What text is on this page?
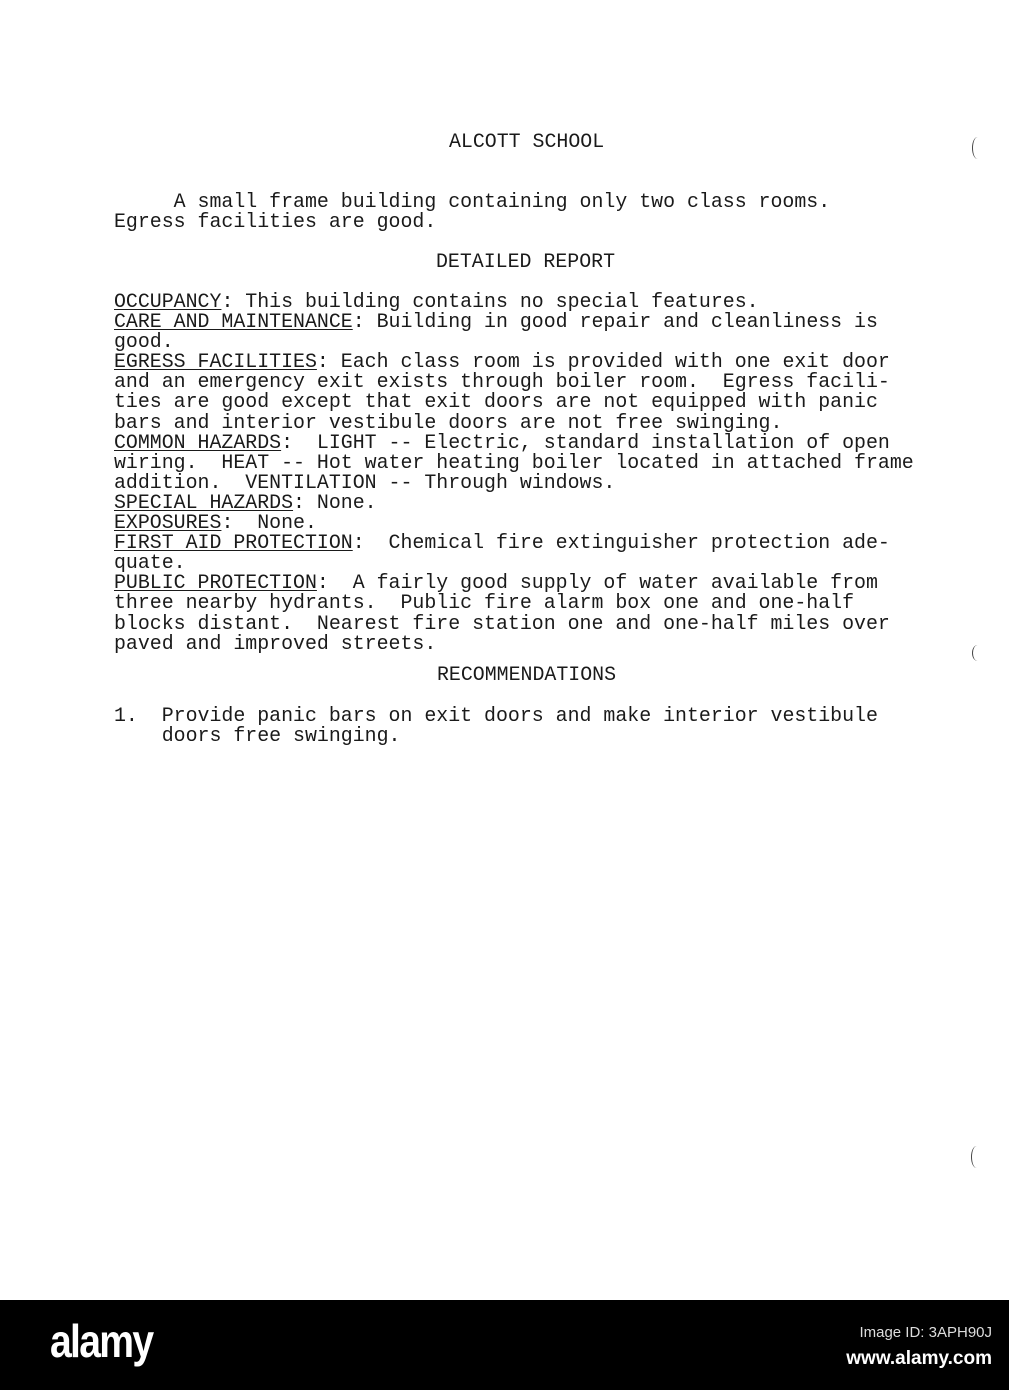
ALCOTT SCHOOL
A small frame building containing only two class rooms.
Egress facilities are good.
DETAILED REPORT
OCCUPANCY: This building contains no special features.
CARE AND MAINTENANCE: Building in good repair and cleanliness is
good.
EGRESS FACILITIES: Each class room is provided with one exit door
and an emergency exit exists through boiler room.  Egress facili-
ties are good except that exit doors are not equipped with panic
bars and interior vestibule doors are not free swinging.
COMMON HAZARDS:  LIGHT -- Electric, standard installation of open
wiring.  HEAT -- Hot water heating boiler located in attached frame
addition.  VENTILATION -- Through windows.
SPECIAL HAZARDS: None.
EXPOSURES:  None.
FIRST AID PROTECTION:  Chemical fire extinguisher protection ade-
quate.
PUBLIC PROTECTION:  A fairly good supply of water available from
three nearby hydrants.  Public fire alarm box one and one-half
blocks distant.  Nearest fire station one and one-half miles over
paved and improved streets.
RECOMMENDATIONS
1. Provide panic bars on exit doors and make interior vestibule
doors free swinging.
alamy	Image ID: 3APH90J
www.alamy.com
